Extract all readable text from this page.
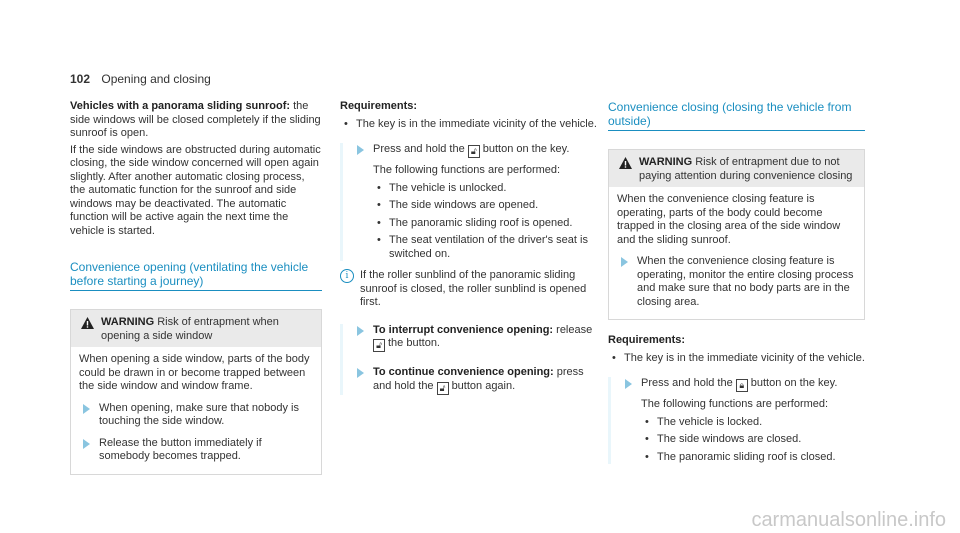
102 Opening and closing

Vehicles with a panorama sliding sunroof: the side windows will be closed completely if the sliding sunroof is open.

If the side windows are obstructed during automatic closing, the side window concerned will open again slightly. After another automatic closing process, the automatic function for the sunroof and side windows may be deactivated. The automatic function will be active again the next time the vehicle is started.

Convenience opening (ventilating the vehicle before starting a journey)
WARNING Risk of entrapment when opening a side window

When opening a side window, parts of the body could be drawn in or become trapped between the side window and window frame.

When opening, make sure that nobody is touching the side window.
Release the button immediately if somebody becomes trapped.
Requirements:
• The key is in the immediate vicinity of the vehicle.
Press and hold the 🔓︎ button on the key.

The following functions are performed:

• The vehicle is unlocked.
• The side windows are opened.
• The panoramic sliding roof is opened.
• The seat ventilation of the driver's seat is switched on.
i	If the roller sunblind of the panoramic sliding sunroof is closed, the roller sunblind is opened first.
To interrupt convenience opening: release
🔓︎ the button.
To continue convenience opening: press and hold the 🔓︎ button again.
Convenience closing (closing the vehicle from outside)
WARNING Risk of entrapment due to not paying attention during convenience closing

When the convenience closing feature is operating, parts of the body could become trapped in the closing area of the side window and the sliding sunroof.

When the convenience closing feature is operating, monitor the entire closing process and make sure that no body parts are in the closing area.
Requirements:
• The key is in the immediate vicinity of the vehicle.
Press and hold the 🔒︎ button on the key.

The following functions are performed:

• The vehicle is locked.
• The side windows are closed.
• The panoramic sliding roof is closed.
carmanualsonline.info
